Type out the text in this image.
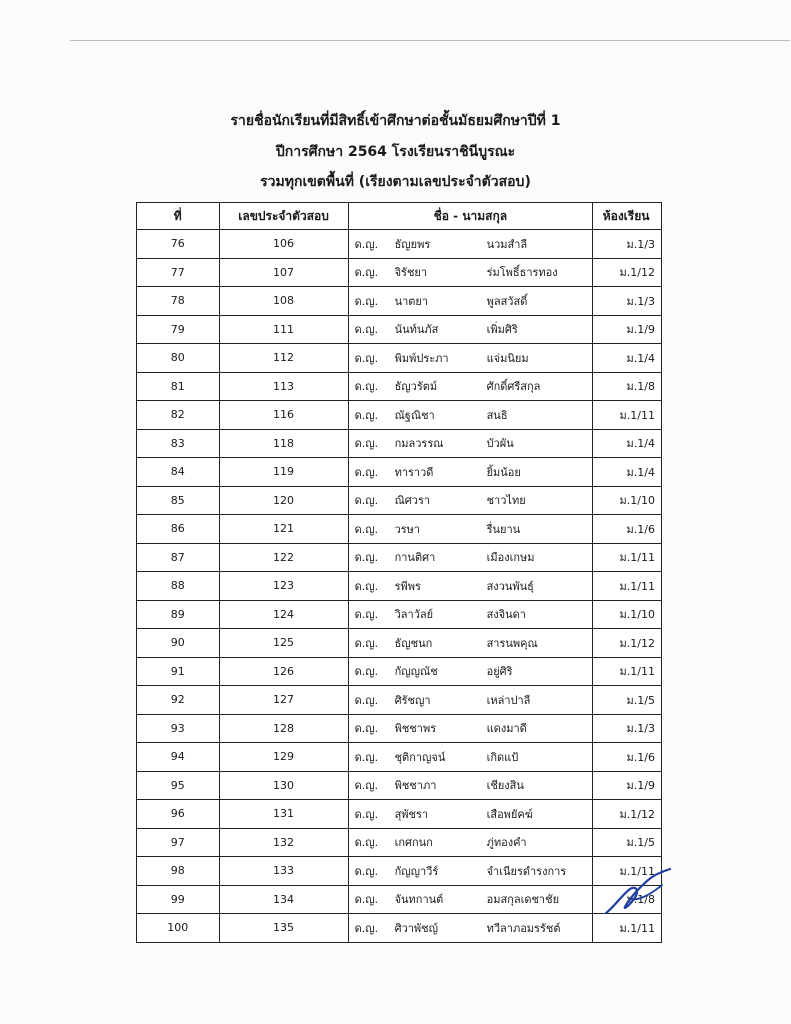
รายชื่อนักเรียนที่มีสิทธิ์เข้าศึกษาต่อชั้นมัธยมศึกษาปีที่ 1
ปีการศึกษา 2564 โรงเรียนราชินีบูรณะ
รวมทุกเขตพื้นที่ (เรียงตามเลขประจำตัวสอบ)
ที่	เลขประจำตัวสอบ	ชื่อ - นามสกุล	ห้องเรียน
76	106	ด.ญ. ธัญยพร นวมสำลี	ม.1/3
77	107	ด.ญ. จิรัชยา ร่มโพธิ์ธารทอง	ม.1/12
78	108	ด.ญ. นาตยา พูลสวัสดิ์	ม.1/3
79	111	ด.ญ. นันท์นภัส เพิ่มศิริ	ม.1/9
80	112	ด.ญ. พิมพ์ประภา แจ่มนิยม	ม.1/4
81	113	ด.ญ. ธัญวรัตม์ ศักดิ์ศรีสกุล	ม.1/8
82	116	ด.ญ. ณัฐณิชา สนธิ	ม.1/11
83	118	ด.ญ. กมลวรรณ บัวผัน	ม.1/4
84	119	ด.ญ. ทาราวดี ยิ้มน้อย	ม.1/4
85	120	ด.ญ. ณิศวรา ชาวไทย	ม.1/10
86	121	ด.ญ. วรษา รื่นยาน	ม.1/6
87	122	ด.ญ. กานติศา เมืองเกษม	ม.1/11
88	123	ด.ญ. รพีพร สงวนพันธุ์	ม.1/11
89	124	ด.ญ. วิลาวัลย์ สงจินดา	ม.1/10
90	125	ด.ญ. ธัญชนก สารนพคุณ	ม.1/12
91	126	ด.ญ. กัญญณัช อยู่ศิริ	ม.1/11
92	127	ด.ญ. ศิรัชญา เหล่าปาลี	ม.1/5
93	128	ด.ญ. พิชชาพร แดงมาดี	ม.1/3
94	129	ด.ญ. ชุติกาญจน์ เกิดแป้	ม.1/6
95	130	ด.ญ. พิชชาภา เชียงสิน	ม.1/9
96	131	ด.ญ. สุพัชรา เสือพยัคฆ์	ม.1/12
97	132	ด.ญ. เกศกนก ภู่ทองคำ	ม.1/5
98	133	ด.ญ. กัญญาวีร์ จำเนียรดำรงการ	ม.1/11
99	134	ด.ญ. จันทกานต์ อมสกุลเดชาชัย	ม.1/8
100	135	ด.ญ. ศิวาพัชญ์ ทวีลาภอมรรัชต์	ม.1/11
